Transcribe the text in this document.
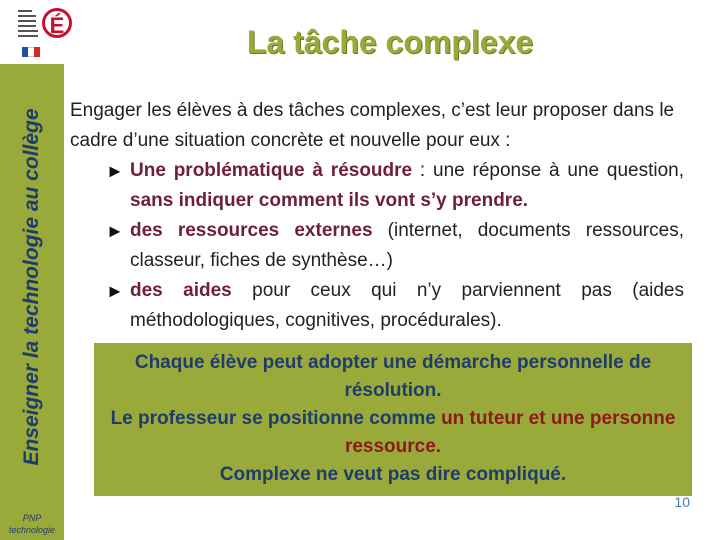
É	La tâche complexe
Enseigner la technologie au collège
PNP
technologie

Engager les élèves à des tâches complexes, c’est leur proposer dans le cadre d’une situation concrète et nouvelle pour eux :

► Une problématique à résoudre : une réponse à une question, sans indiquer comment ils vont s’y prendre.
► des ressources externes (internet, documents ressources, classeur, fiches de synthèse…)
► des aides pour ceux qui n’y parviennent pas (aides méthodologiques, cognitives, procédurales).
Chaque élève peut adopter une démarche personnelle de résolution.
Le professeur se positionne comme un tuteur et une personne ressource.
Complexe ne veut pas dire compliqué.
10
